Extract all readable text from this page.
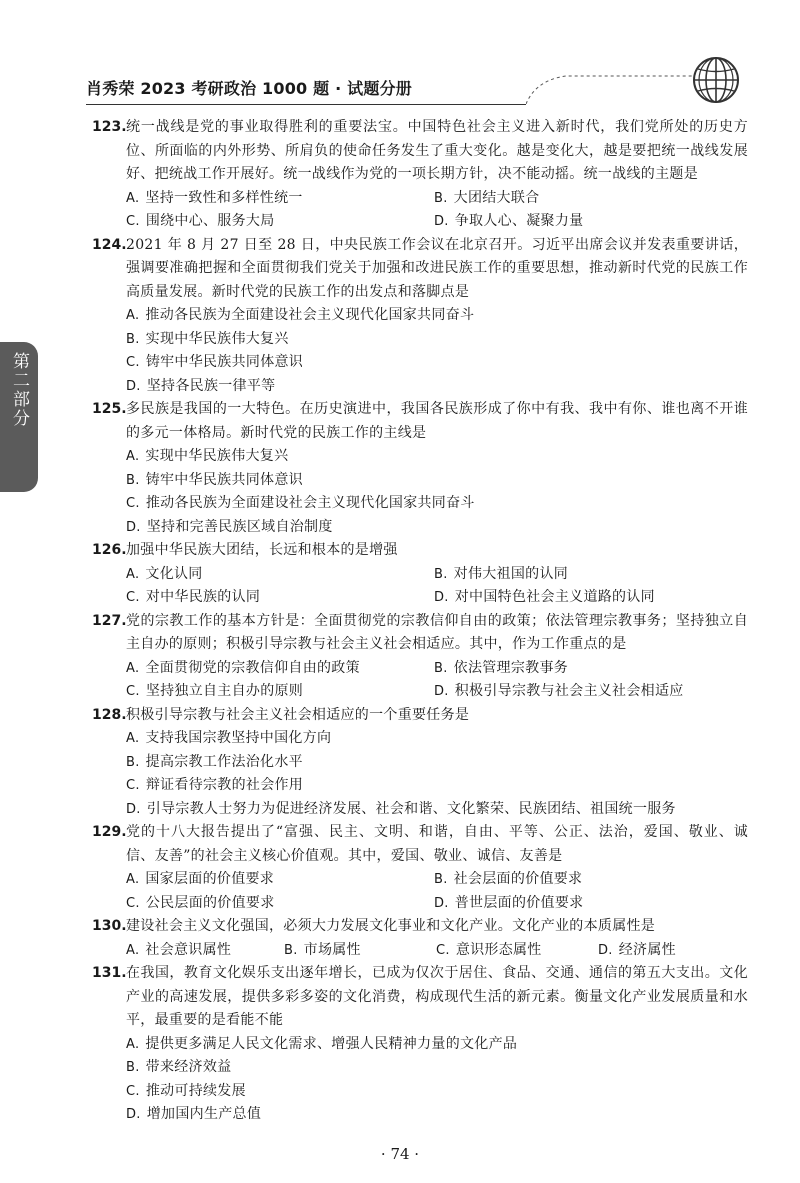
肖秀荣 2023 考研政治 1000 题 · 试题分册
第二部分
123. 统一战线是党的事业取得胜利的重要法宝。中国特色社会主义进入新时代，我们党所处的历史方位、所面临的内外形势、所肩负的使命任务发生了重大变化。越是变化大，越是要把统一战线发展好、把统战工作开展好。统一战线作为党的一项长期方针，决不能动摇。统一战线的主题是
A. 坚持一致性和多样性统一	B. 大团结大联合
C. 围绕中心、服务大局	D. 争取人心、凝聚力量
124. 2021 年 8 月 27 日至 28 日，中央民族工作会议在北京召开。习近平出席会议并发表重要讲话，强调要准确把握和全面贯彻我们党关于加强和改进民族工作的重要思想，推动新时代党的民族工作高质量发展。新时代党的民族工作的出发点和落脚点是
A. 推动各民族为全面建设社会主义现代化国家共同奋斗
B. 实现中华民族伟大复兴
C. 铸牢中华民族共同体意识
D. 坚持各民族一律平等
125. 多民族是我国的一大特色。在历史演进中，我国各民族形成了你中有我、我中有你、谁也离不开谁的多元一体格局。新时代党的民族工作的主线是
A. 实现中华民族伟大复兴
B. 铸牢中华民族共同体意识
C. 推动各民族为全面建设社会主义现代化国家共同奋斗
D. 坚持和完善民族区域自治制度
126. 加强中华民族大团结，长远和根本的是增强
A. 文化认同	B. 对伟大祖国的认同
C. 对中华民族的认同	D. 对中国特色社会主义道路的认同
127. 党的宗教工作的基本方针是：全面贯彻党的宗教信仰自由的政策；依法管理宗教事务；坚持独立自主自办的原则；积极引导宗教与社会主义社会相适应。其中，作为工作重点的是
A. 全面贯彻党的宗教信仰自由的政策	B. 依法管理宗教事务
C. 坚持独立自主自办的原则	D. 积极引导宗教与社会主义社会相适应
128. 积极引导宗教与社会主义社会相适应的一个重要任务是
A. 支持我国宗教坚持中国化方向
B. 提高宗教工作法治化水平
C. 辩证看待宗教的社会作用
D. 引导宗教人士努力为促进经济发展、社会和谐、文化繁荣、民族团结、祖国统一服务
129. 党的十八大报告提出了“富强、民主、文明、和谐，自由、平等、公正、法治，爱国、敬业、诚信、友善”的社会主义核心价值观。其中，爱国、敬业、诚信、友善是
A. 国家层面的价值要求	B. 社会层面的价值要求
C. 公民层面的价值要求	D. 普世层面的价值要求
130. 建设社会主义文化强国，必须大力发展文化事业和文化产业。文化产业的本质属性是
A. 社会意识属性	B. 市场属性	C. 意识形态属性	D. 经济属性
131. 在我国，教育文化娱乐支出逐年增长，已成为仅次于居住、食品、交通、通信的第五大支出。文化产业的高速发展，提供多彩多姿的文化消费，构成现代生活的新元素。衡量文化产业发展质量和水平，最重要的是看能不能
A. 提供更多满足人民文化需求、增强人民精神力量的文化产品
B. 带来经济效益
C. 推动可持续发展
D. 增加国内生产总值
· 74 ·
